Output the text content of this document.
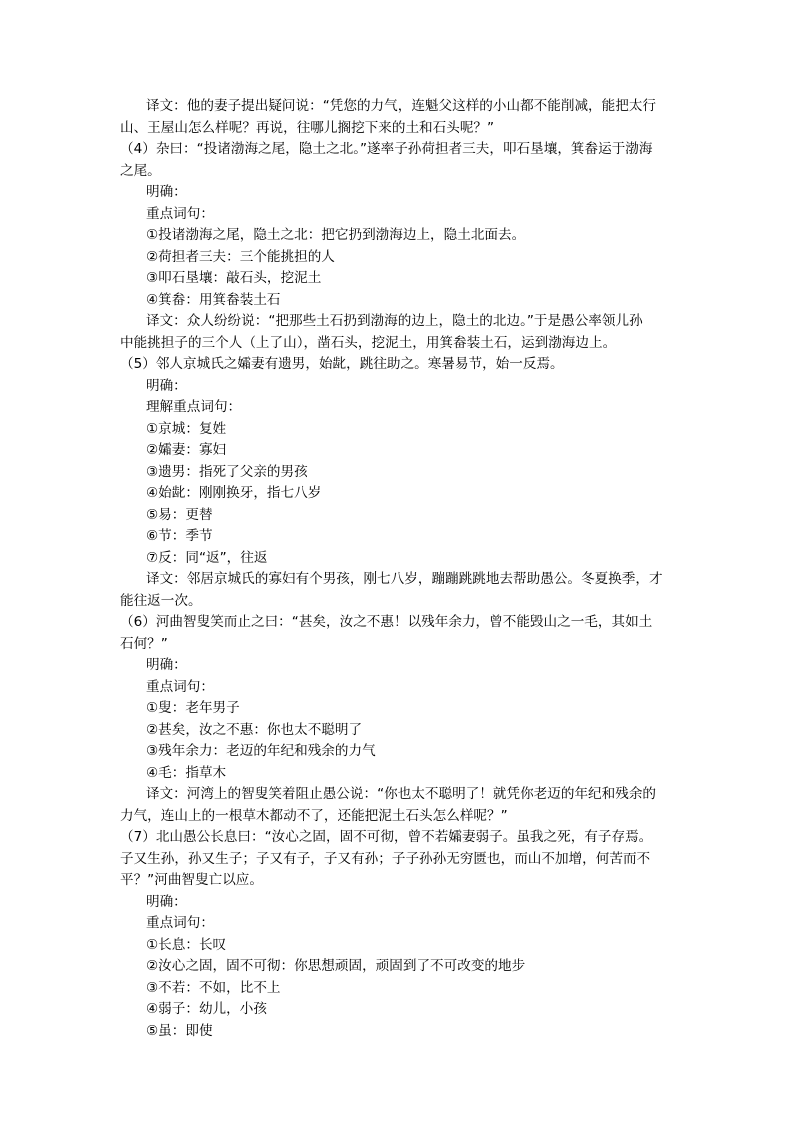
译文：他的妻子提出疑问说：“凭您的力气，连魁父这样的小山都不能削减，能把太行
山、王屋山怎么样呢？再说，往哪儿搁挖下来的土和石头呢？”
（4）杂曰：“投诸渤海之尾，隐土之北。”遂率子孙荷担者三夫，叩石垦壤，箕畚运于渤海
之尾。
明确：
重点词句：
①投诸渤海之尾，隐土之北：把它扔到渤海边上，隐土北面去。
②荷担者三夫：三个能挑担的人
③叩石垦壤：敲石头，挖泥土
④箕畚：用箕畚装土石
译文：众人纷纷说：“把那些土石扔到渤海的边上，隐土的北边。”于是愚公率领儿孙
中能挑担子的三个人（上了山），凿石头，挖泥土，用箕畚装土石，运到渤海边上。
（5）邻人京城氏之孀妻有遗男，始龀，跳往助之。寒暑易节，始一反焉。
明确：
理解重点词句：
①京城：复姓
②孀妻：寡妇
③遗男：指死了父亲的男孩
④始龀：刚刚换牙，指七八岁
⑤易：更替
⑥节：季节
⑦反：同“返”，往返
译文：邻居京城氏的寡妇有个男孩，刚七八岁，蹦蹦跳跳地去帮助愚公。冬夏换季，才
能往返一次。
（6）河曲智叟笑而止之曰：“甚矣，汝之不惠！以残年余力，曾不能毁山之一毛，其如土
石何？”
明确：
重点词句：
①叟：老年男子
②甚矣，汝之不惠：你也太不聪明了
③残年余力：老迈的年纪和残余的力气
④毛：指草木
译文：河湾上的智叟笑着阻止愚公说：“你也太不聪明了！就凭你老迈的年纪和残余的
力气，连山上的一根草木都动不了，还能把泥土石头怎么样呢？”
（7）北山愚公长息曰：“汝心之固，固不可彻，曾不若孀妻弱子。虽我之死，有子存焉。
子又生孙，孙又生子；子又有子，子又有孙；子子孙孙无穷匮也，而山不加增，何苦而不
平？”河曲智叟亡以应。
明确：
重点词句：
①长息：长叹
②汝心之固，固不可彻：你思想顽固，顽固到了不可改变的地步
③不若：不如，比不上
④弱子：幼儿，小孩
⑤虽：即使
